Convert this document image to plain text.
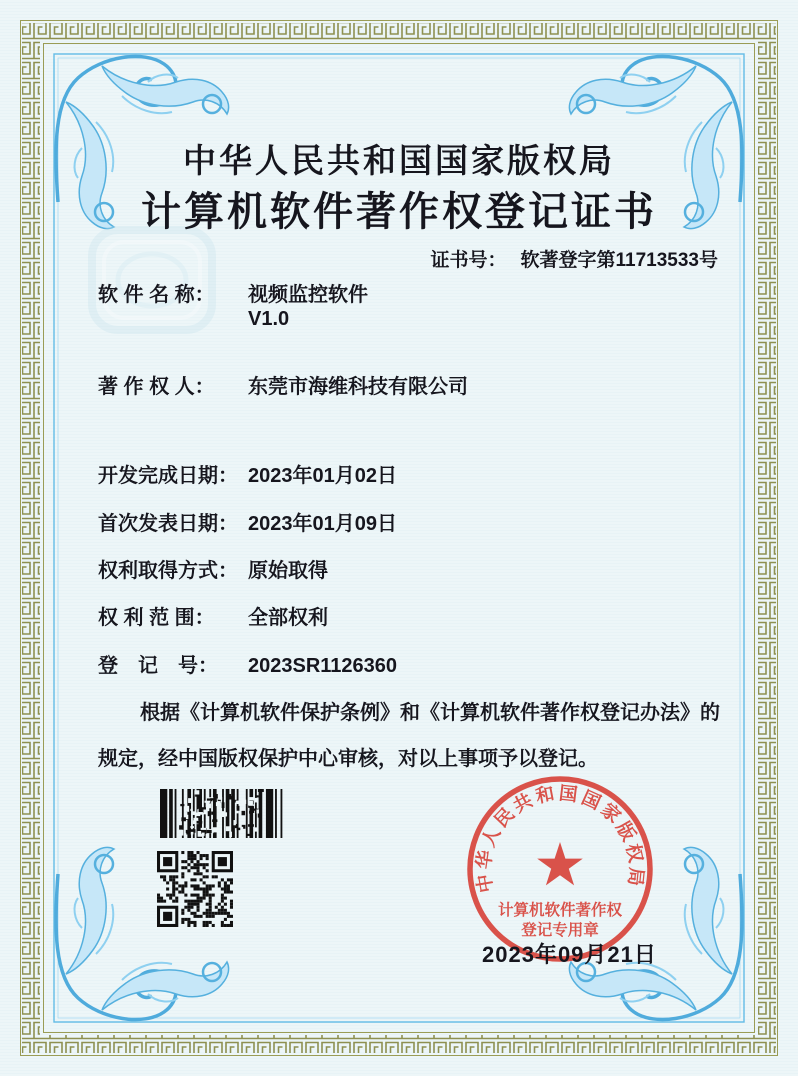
中华人民共和国国家版权局
计算机软件著作权登记证书
证书号： 软著登字第11713533号
软 件 名 称： 视频监控软件
V1.0
著 作 权 人： 东莞市海维科技有限公司
开发完成日期： 2023年01月02日
首次发表日期： 2023年01月09日
权利取得方式： 原始取得
权 利 范 围： 全部权利
登　记　号： 2023SR1126360
根据《计算机软件保护条例》和《计算机软件著作权登记办法》的
规定，经中国版权保护中心审核，对以上事项予以登记。
中华人民共和国国家版权局
计算机软件著作权
登记专用章
2023年09月21日
